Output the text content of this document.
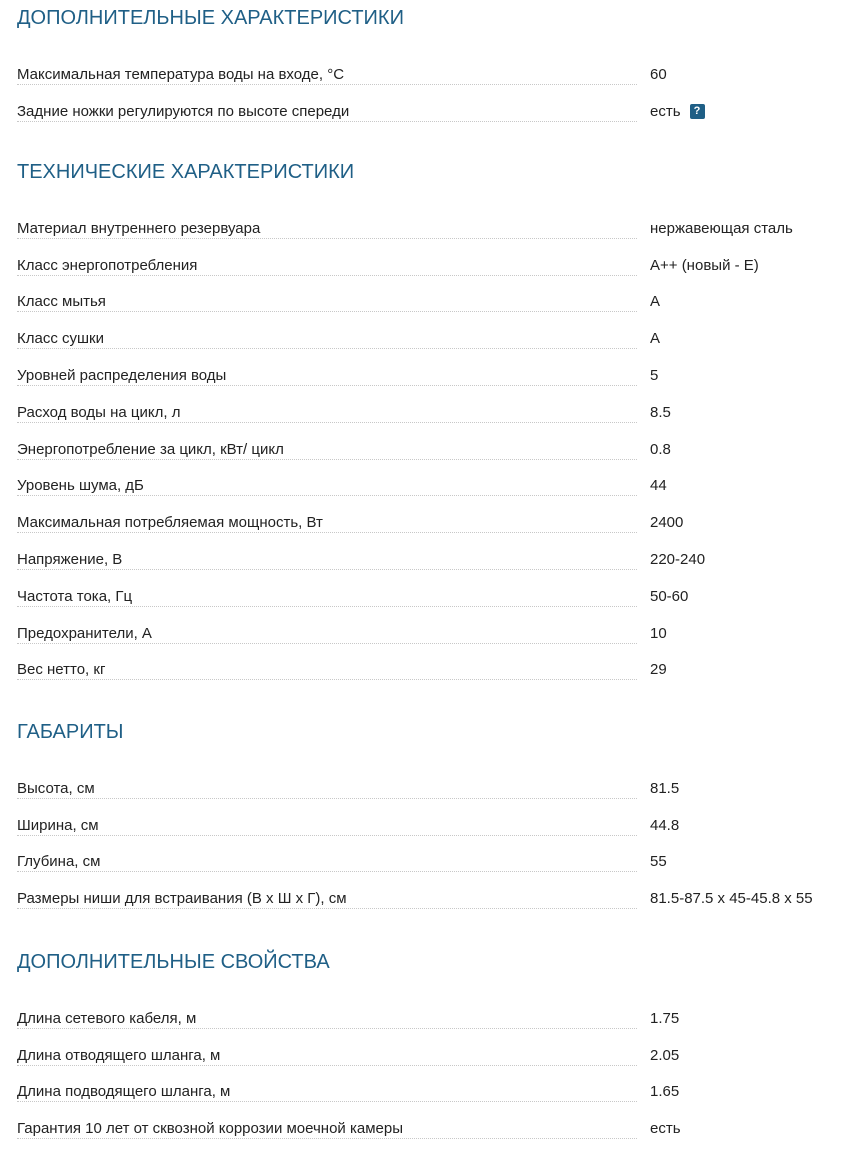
ДОПОЛНИТЕЛЬНЫЕ ХАРАКТЕРИСТИКИ
Максимальная температура воды на входе, °C	60
Задние ножки регулируются по высоте спереди	есть	?
ТЕХНИЧЕСКИЕ ХАРАКТЕРИСТИКИ
Материал внутреннего резервуара	нержавеющая сталь
Класс энергопотребления	A++ (новый - E)
Класс мытья	A
Класс сушки	A
Уровней распределения воды	5
Расход воды на цикл, л	8.5
Энергопотребление за цикл, кВт/ цикл	0.8
Уровень шума, дБ	44
Максимальная потребляемая мощность, Вт	2400
Напряжение, В	220-240
Частота тока, Гц	50-60
Предохранители, А	10
Вес нетто, кг	29
ГАБАРИТЫ
Высота, см	81.5
Ширина, см	44.8
Глубина, см	55
Размеры ниши для встраивания (В x Ш x Г), см	81.5-87.5 x 45-45.8 x 55
ДОПОЛНИТЕЛЬНЫЕ СВОЙСТВА
Длина сетевого кабеля, м	1.75
Длина отводящего шланга, м	2.05
Длина подводящего шланга, м	1.65
Гарантия 10 лет от сквозной коррозии моечной камеры	есть
